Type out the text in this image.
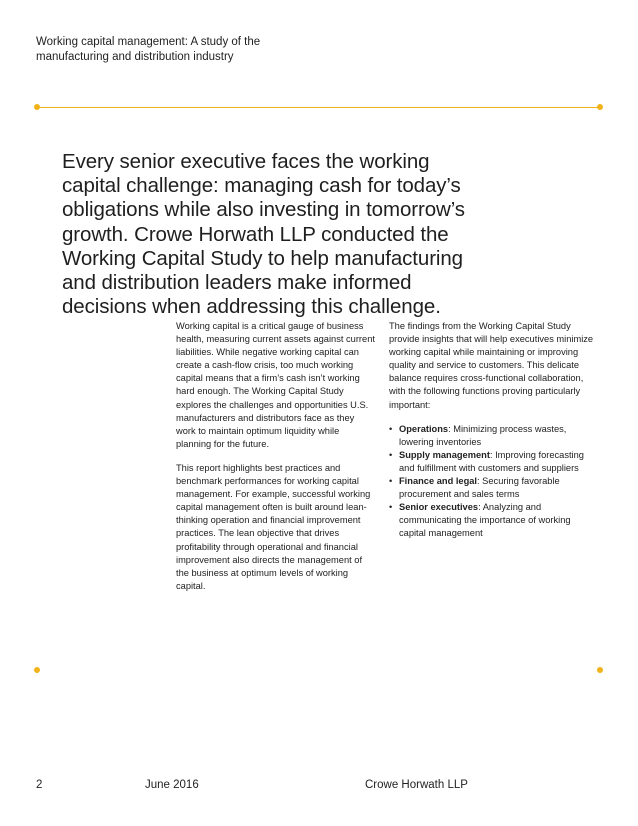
Working capital management: A study of the manufacturing and distribution industry
Every senior executive faces the working capital challenge: managing cash for today’s obligations while also investing in tomorrow’s growth. Crowe Horwath LLP conducted the Working Capital Study to help manufacturing and distribution leaders make informed decisions when addressing this challenge.

Working capital is a critical gauge of business health, measuring current assets against current liabilities. While negative working capital can create a cash-flow crisis, too much working capital means that a firm’s cash isn’t working hard enough. The Working Capital Study explores the challenges and opportunities U.S. manufacturers and distributors face as they work to maintain optimum liquidity while planning for the future.

This report highlights best practices and benchmark performances for working capital management. For example, successful working capital management often is built around lean-thinking operation and financial improvement practices. The lean objective that drives profitability through operational and financial improvement also directs the management of the business at optimum levels of working capital.

The findings from the Working Capital Study provide insights that will help executives minimize working capital while maintaining or improving quality and service to customers. This delicate balance requires cross-functional collaboration, with the following functions proving particularly important:

• Operations: Minimizing process wastes, lowering inventories
• Supply management: Improving forecasting and fulfillment with customers and suppliers
• Finance and legal: Securing favorable procurement and sales terms
• Senior executives: Analyzing and communicating the importance of working capital management
2	June 2016	Crowe Horwath LLP
